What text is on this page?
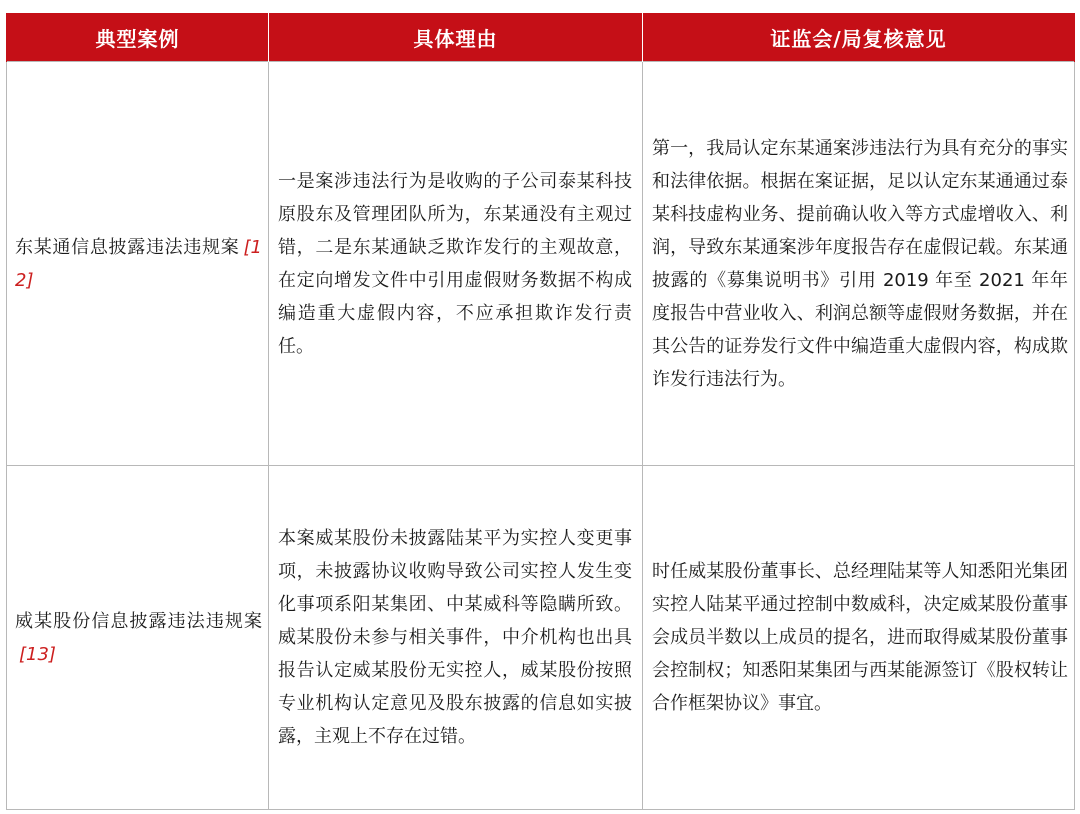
典型案例	具体理由	证监会/局复核意见
东某通信息披露违法违规案 [12]	一是案涉违法行为是收购的子公司泰某科技原股东及管理团队所为，东某通没有主观过错，二是东某通缺乏欺诈发行的主观故意，在定向增发文件中引用虚假财务数据不构成编造重大虚假内容，不应承担欺诈发行责任。	第一，我局认定东某通案涉违法行为具有充分的事实和法律依据。根据在案证据，足以认定东某通通过泰某科技虚构业务、提前确认收入等方式虚增收入、利润，导致东某通案涉年度报告存在虚假记载。东某通披露的《募集说明书》引用 2019 年至 2021 年年度报告中营业收入、利润总额等虚假财务数据，并在其公告的证券发行文件中编造重大虚假内容，构成欺诈发行违法行为。
威某股份信息披露违法违规案[13]	本案威某股份未披露陆某平为实控人变更事项，未披露协议收购导致公司实控人发生变化事项系阳某集团、中某威科等隐瞒所致。威某股份未参与相关事件，中介机构也出具报告认定威某股份无实控人，威某股份按照专业机构认定意见及股东披露的信息如实披露，主观上不存在过错。	时任威某股份董事长、总经理陆某等人知悉阳光集团实控人陆某平通过控制中数威科，决定威某股份董事会成员半数以上成员的提名，进而取得威某股份董事会控制权；知悉阳某集团与西某能源签订《股权转让合作框架协议》事宜。
